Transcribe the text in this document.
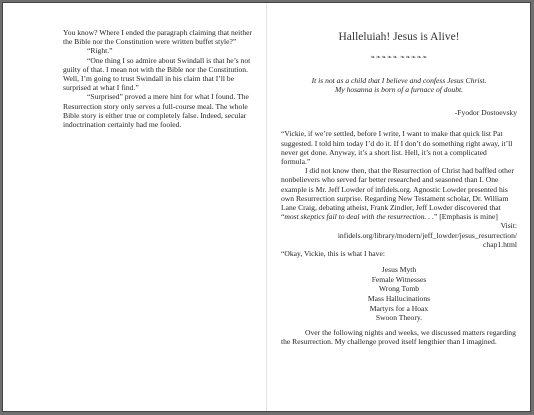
You know? Where I ended the paragraph claiming that neither the Bible nor the Constitution were written buffet style?”

“Right.”

“One thing I so admire about Swindall is that he’s not guilty of that. I mean not with the Bible nor the Constitution. Well, I’m going to trust Swindall in his claim that I’ll be surprised at what I find.”

“Surprised” proved a mere hint for what I found. The Resurrection story only serves a full-course meal. The whole Bible story is either true or completely false. Indeed, secular indoctrination certainly had me fooled.

Halleluiah! Jesus is Alive!
❧❧❧❧❧ ❧❧❧❧❧
It is not as a child that I believe and confess Jesus Christ.
My hosanna is born of a furnace of doubt.
-Fyodor Dostoevsky

“Vickie, if we’re settled, before I write, I want to make that quick list Pat suggested. I told him today I’d do it. If I don’t do something right away, it’ll never get done. Anyway, it’s a short list. Hell, it’s not a complicated formula.”

I did not know then, that the Resurrection of Christ had baffled other nonbelievers who served far better researched and seasoned than I. One example is Mr. Jeff Lowder of infidels.org. Agnostic Lowder presented his own Resurrection surprise. Regarding New Testament scholar, Dr. William Lane Craig, debating atheist, Frank Zindler, Jeff Lowder discovered that “most skeptics fail to deal with the resurrection. . .” [Emphasis is mine]

Visit:
infidels.org/library/modern/jeff_lowder/jesus_resurrection/
chap1.html

“Okay, Vickie, this is what I have:

Jesus Myth
Female Witnesses
Wrong Tomb
Mass Hallucinations
Martyrs for a Hoax
Swoon Theory.

Over the following nights and weeks, we discussed matters regarding the Resurrection. My challenge proved itself lengthier than I imagined.
